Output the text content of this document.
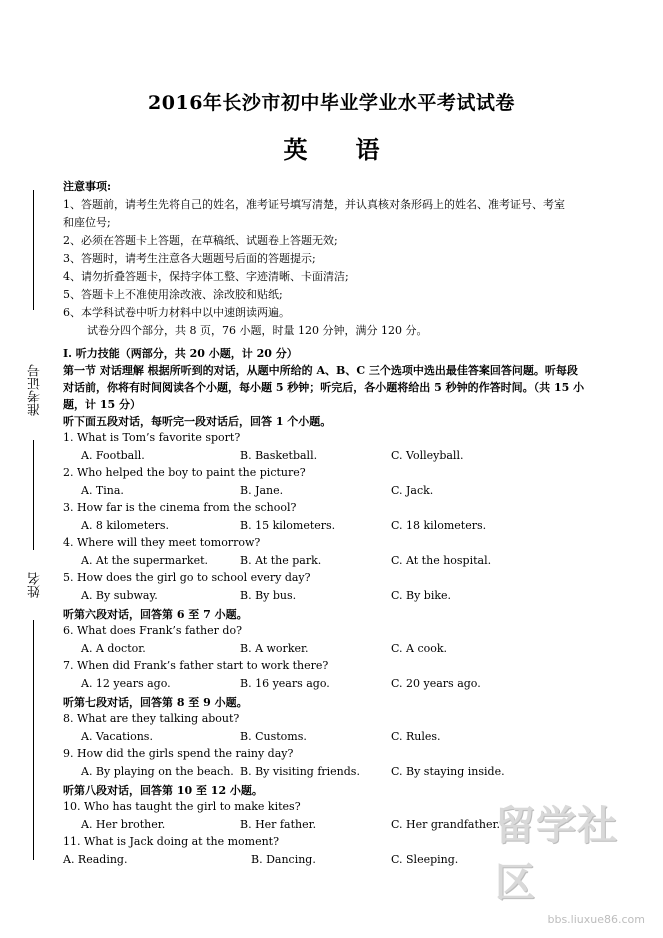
准考证号
姓名
2016年长沙市初中毕业学业水平考试试卷
英 语
注意事项:
1、答题前，请考生先将自己的姓名，准考证号填写清楚，并认真核对条形码上的姓名、准考证号、考室
和座位号;
2、必须在答题卡上答题，在草稿纸、试题卷上答题无效;
3、答题时，请考生注意各大题题号后面的答题提示;
4、请勿折叠答题卡，保持字体工整、字迹清晰、卡面清洁;
5、答题卡上不准使用涂改液、涂改胶和贴纸;
6、本学科试卷中听力材料中以中速朗读两遍。
试卷分四个部分，共 8 页，76 小题，时量 120 分钟，满分 120 分。
I. 听力技能（两部分，共 20 小题，计 20 分）
第一节 对话理解 根据所听到的对话，从题中所给的 A、B、C 三个选项中选出最佳答案回答问题。听每段
对话前，你将有时间阅读各个小题，每小题 5 秒钟；听完后，各小题将给出 5 秒钟的作答时间。（共 15 小
题，计 15 分）
听下面五段对话，每听完一段对话后，回答 1 个小题。
1. What is Tom’s favorite sport?
A. Football.	B. Basketball.	C. Volleyball.
2. Who helped the boy to paint the picture?
A. Tina.	B. Jane.	C. Jack.
3. How far is the cinema from the school?
A. 8 kilometers.	B. 15 kilometers.	C. 18 kilometers.
4. Where will they meet tomorrow?
A. At the supermarket.	B. At the park.	C. At the hospital.
5. How does the girl go to school every day?
A. By subway.	B. By bus.	C. By bike.
听第六段对话，回答第 6 至 7 小题。
6. What does Frank’s father do?
A. A doctor.	B. A worker.	C. A cook.
7. When did Frank’s father start to work there?
A. 12 years ago.	B. 16 years ago.	C. 20 years ago.
听第七段对话，回答第 8 至 9 小题。
8. What are they talking about?
A. Vacations.	B. Customs.	C. Rules.
9. How did the girls spend the rainy day?
A. By playing on the beach. B. By visiting friends.	C. By staying inside.
听第八段对话，回答第 10 至 12 小题。
10. Who has taught the girl to make kites?
A. Her brother.	B. Her father.	C. Her grandfather.
11. What is Jack doing at the moment?
A. Reading.	B. Dancing.	C. Sleeping.
留学社区
bbs.liuxue86.com
